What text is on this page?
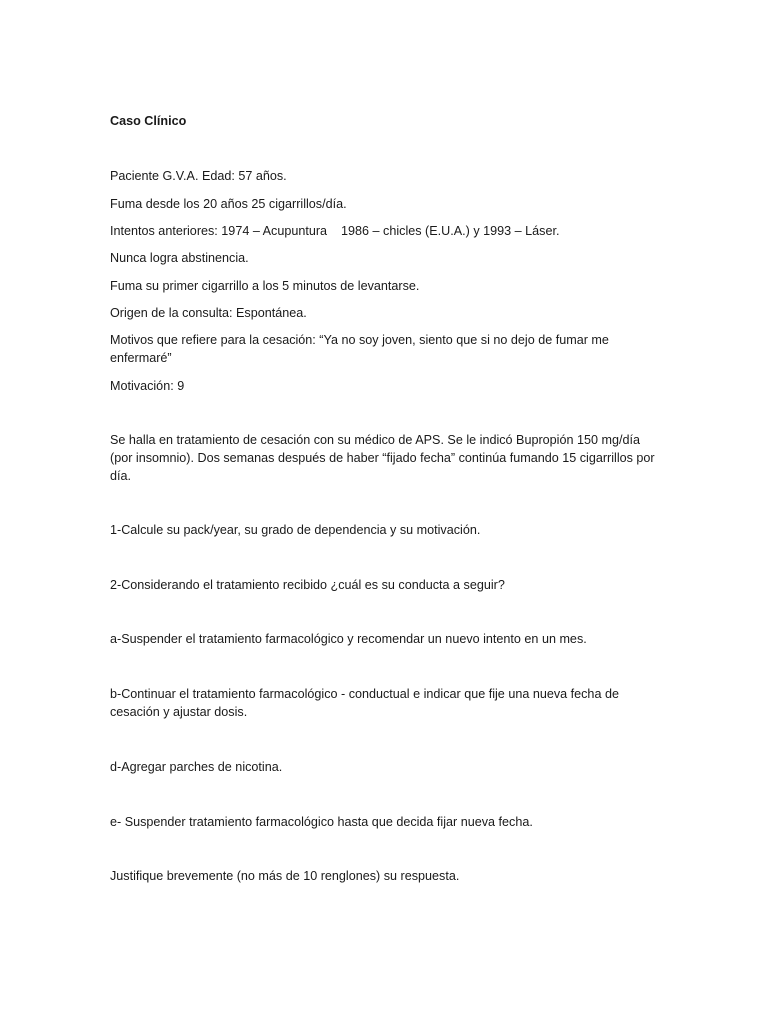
Caso Clínico

Paciente G.V.A. Edad: 57 años.

Fuma desde los 20 años 25 cigarrillos/día.

Intentos anteriores: 1974 – Acupuntura    1986 – chicles (E.U.A.) y 1993 – Láser.

Nunca logra abstinencia.

Fuma su primer cigarrillo a los 5 minutos de levantarse.

Origen de la consulta: Espontánea.

Motivos que refiere para la cesación: “Ya no soy joven, siento que si no dejo de fumar me enfermaré”

Motivación: 9

Se halla en tratamiento de cesación con su médico de APS. Se le indicó Bupropión 150 mg/día (por insomnio). Dos semanas después de haber “fijado fecha” continúa fumando 15 cigarrillos por día.

1-Calcule su pack/year, su grado de dependencia y su motivación.

2-Considerando el tratamiento recibido ¿cuál es su conducta a seguir?

a-Suspender el tratamiento farmacológico y recomendar un nuevo intento en un mes.

b-Continuar el tratamiento farmacológico - conductual e indicar que fije una nueva fecha de cesación y ajustar dosis.

d-Agregar parches de nicotina.

e- Suspender tratamiento farmacológico hasta que decida fijar nueva fecha.

Justifique brevemente (no más de 10 renglones) su respuesta.
